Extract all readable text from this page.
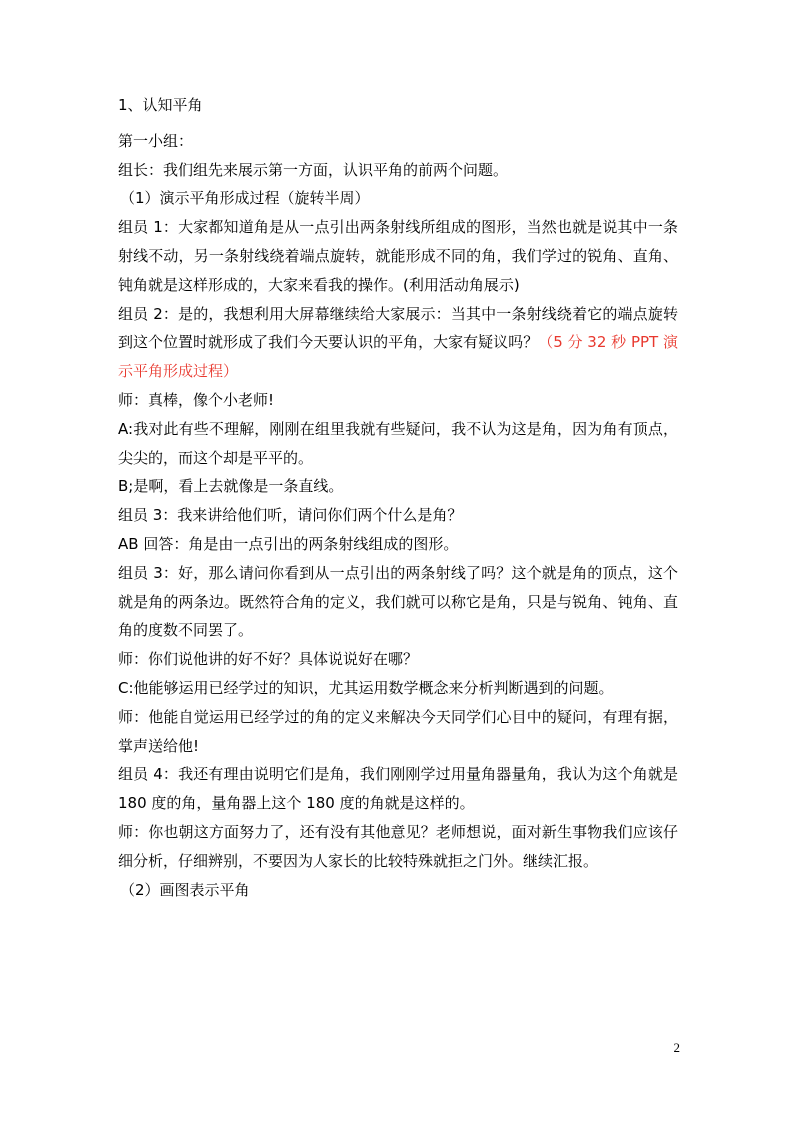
1、认知平角

第一小组：

组长：我们组先来展示第一方面，认识平角的前两个问题。

（1）演示平角形成过程（旋转半周）

组员 1：大家都知道角是从一点引出两条射线所组成的图形，当然也就是说其中一条射线不动，另一条射线绕着端点旋转，就能形成不同的角，我们学过的锐角、直角、钝角就是这样形成的，大家来看我的操作。(利用活动角展示)

组员 2：是的，我想利用大屏幕继续给大家展示：当其中一条射线绕着它的端点旋转到这个位置时就形成了我们今天要认识的平角，大家有疑议吗？（5 分 32 秒 PPT 演示平角形成过程）

师：真棒，像个小老师!

A:我对此有些不理解，刚刚在组里我就有些疑问，我不认为这是角，因为角有顶点，尖尖的，而这个却是平平的。

B;是啊，看上去就像是一条直线。

组员 3：我来讲给他们听，请问你们两个什么是角？

AB 回答：角是由一点引出的两条射线组成的图形。

组员 3：好，那么请问你看到从一点引出的两条射线了吗？这个就是角的顶点，这个就是角的两条边。既然符合角的定义，我们就可以称它是角，只是与锐角、钝角、直角的度数不同罢了。

师：你们说他讲的好不好？具体说说好在哪？

C:他能够运用已经学过的知识，尤其运用数学概念来分析判断遇到的问题。

师：他能自觉运用已经学过的角的定义来解决今天同学们心目中的疑问，有理有据，掌声送给他!

组员 4：我还有理由说明它们是角，我们刚刚学过用量角器量角，我认为这个角就是 180 度的角，量角器上这个 180 度的角就是这样的。

师：你也朝这方面努力了，还有没有其他意见？老师想说，面对新生事物我们应该仔细分析，仔细辨别，不要因为人家长的比较特殊就拒之门外。继续汇报。

（2）画图表示平角

2
